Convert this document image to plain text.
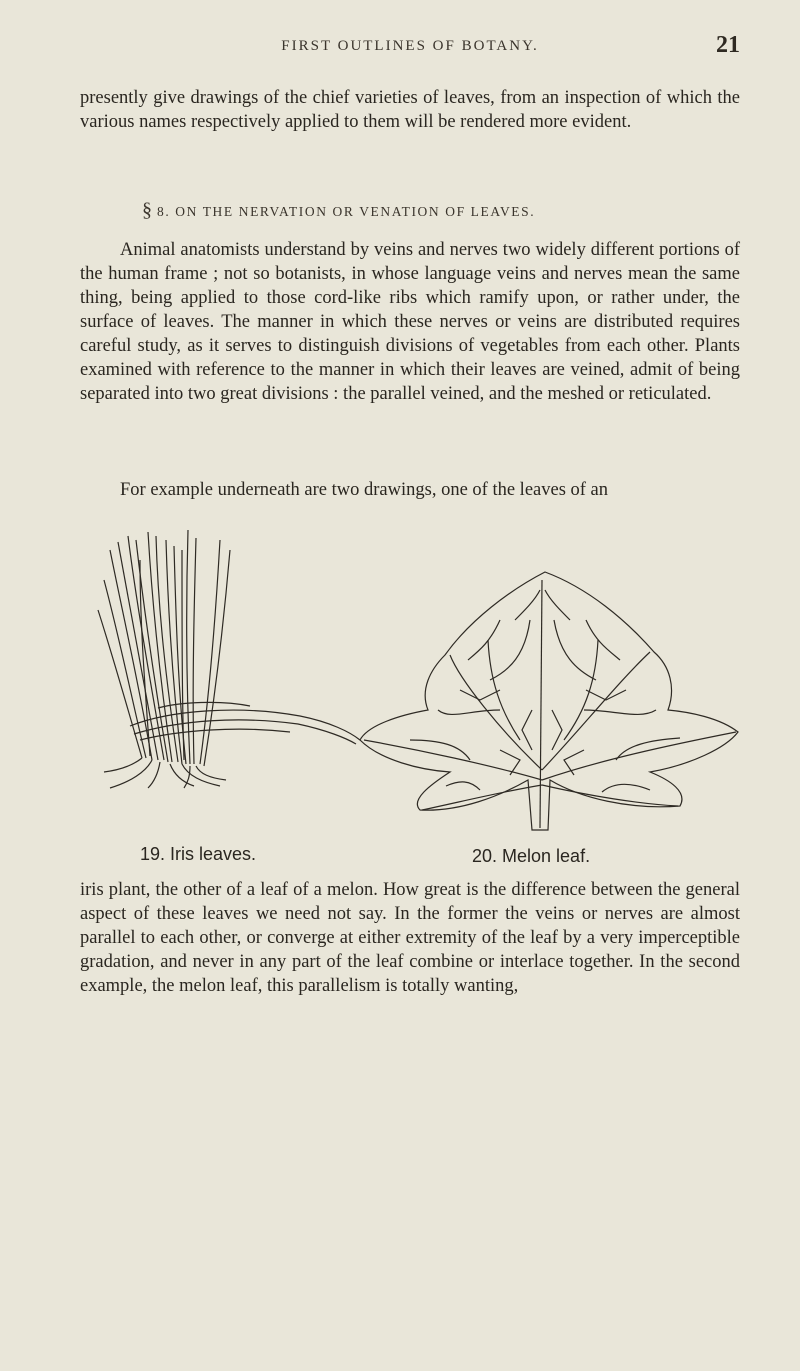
FIRST OUTLINES OF BOTANY.	21

presently give drawings of the chief varieties of leaves, from an inspection of which the various names respectively applied to them will be rendered more evident.

§ 8. ON THE NERVATION OR VENATION OF LEAVES.

Animal anatomists understand by veins and nerves two widely different portions of the human frame ; not so botanists, in whose language veins and nerves mean the same thing, being applied to those cord-like ribs which ramify upon, or rather under, the surface of leaves. The manner in which these nerves or veins are distributed requires careful study, as it serves to distinguish divisions of vegetables from each other. Plants examined with reference to the manner in which their leaves are veined, admit of being separated into two great divisions : the parallel veined, and the meshed or reticulated.

For example underneath are two drawings, one of the leaves of an

19. Iris leaves.	20. Melon leaf.

iris plant, the other of a leaf of a melon. How great is the difference between the general aspect of these leaves we need not say. In the former the veins or nerves are almost parallel to each other, or converge at either extremity of the leaf by a very imperceptible gradation, and never in any part of the leaf combine or interlace together. In the second example, the melon leaf, this parallelism is totally wanting,
